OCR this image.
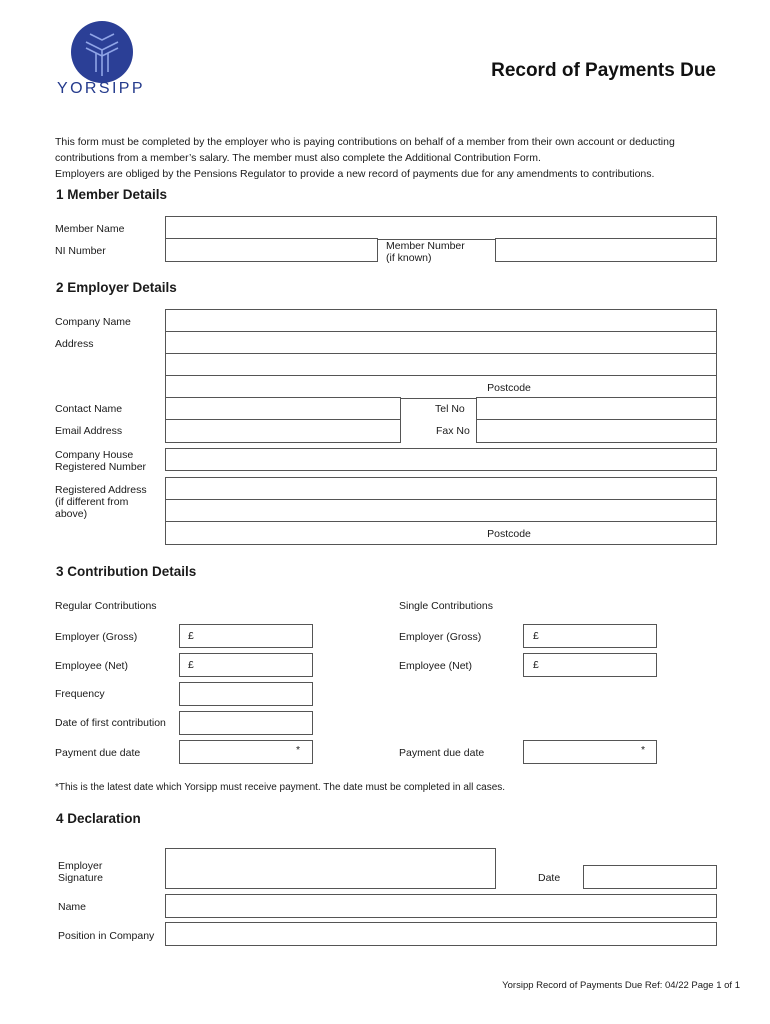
YORSIPP
Record of Payments Due

This form must be completed by the employer who is paying contributions on behalf of a member from their own account or deducting

contributions from a member’s salary. The member must also complete the Additional Contribution Form.

Employers are obliged by the Pensions Regulator to provide a new record of payments due for any amendments to contributions.

1 Member Details
Member Name
NI Number	Member Number
(if known)
2 Employer Details
Company Name
Address
Postcode
Contact Name	Tel No
Email Address	Fax No
Company House
Registered Number
Registered Address
(if different from
above)
Postcode
3 Contribution Details
Regular Contributions	Single Contributions
Employer (Gross)	£	Employer (Gross)	£
Employee (Net)	£	Employee (Net)	£
Frequency
Date of first contribution
Payment due date	*	Payment due date	*
*This is the latest date which Yorsipp must receive payment. The date must be completed in all cases.
4 Declaration
Employer
Signature	Date
Name
Position in Company
Yorsipp Record of Payments Due Ref: 04/22 Page 1 of 1
